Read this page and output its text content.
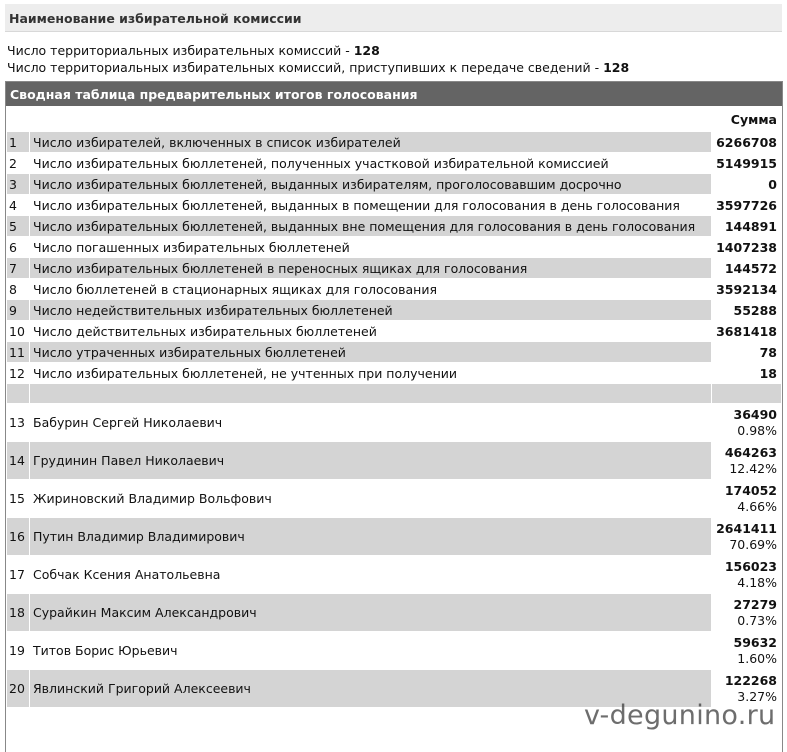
Наименование избирательной комиссии
Число территориальных избирательных комиссий - 128
Число территориальных избирательных комиссий, приступивших к передаче сведений - 128
Сводная таблица предварительных итогов голосования
		Сумма
1	Число избирателей, включенных в список избирателей	6266708
2	Число избирательных бюллетеней, полученных участковой избирательной комиссией	5149915
3	Число избирательных бюллетеней, выданных избирателям, проголосовавшим досрочно	0
4	Число избирательных бюллетеней, выданных в помещении для голосования в день голосования	3597726
5	Число избирательных бюллетеней, выданных вне помещения для голосования в день голосования	144891
6	Число погашенных избирательных бюллетеней	1407238
7	Число избирательных бюллетеней в переносных ящиках для голосования	144572
8	Число бюллетеней в стационарных ящиках для голосования	3592134
9	Число недействительных избирательных бюллетеней	55288
10	Число действительных избирательных бюллетеней	3681418
11	Число утраченных избирательных бюллетеней	78
12	Число избирательных бюллетеней, не учтенных при получении	18

13	Бабурин Сергей Николаевич	36490
0.98%

14	Грудинин Павел Николаевич	464263
12.42%

15	Жириновский Владимир Вольфович	174052
4.66%

16	Путин Владимир Владимирович	2641411
70.69%

17	Собчак Ксения Анатольевна	156023
4.18%

18	Сурайкин Максим Александрович	27279
0.73%

19	Титов Борис Юрьевич	59632
1.60%

20	Явлинский Григорий Алексеевич	122268
3.27%
v-degunino.ru
